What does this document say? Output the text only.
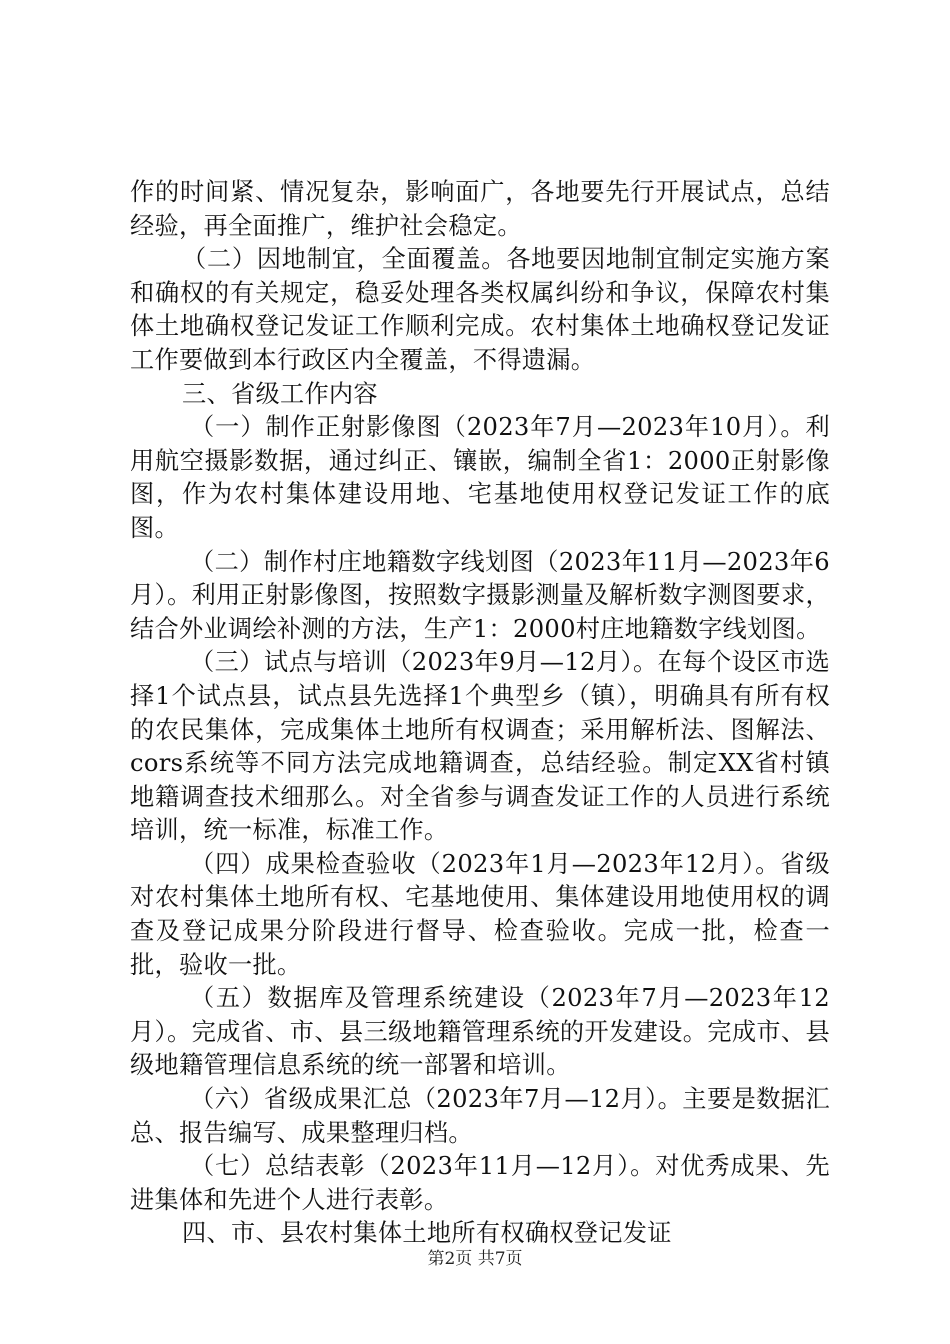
作的时间紧、情况复杂，影响面广，各地要先行开展试点，总结经验，再全面推广，维护社会稳定。

（二）因地制宜，全面覆盖。各地要因地制宜制定实施方案和确权的有关规定，稳妥处理各类权属纠纷和争议，保障农村集体土地确权登记发证工作顺利完成。农村集体土地确权登记发证工作要做到本行政区内全覆盖，不得遗漏。

三、省级工作内容

（一）制作正射影像图（2023年7月—2023年10月）。利用航空摄影数据，通过纠正、镶嵌，编制全省1：2000正射影像图，作为农村集体建设用地、宅基地使用权登记发证工作的底图。

（二）制作村庄地籍数字线划图（2023年11月—2023年6月）。利用正射影像图，按照数字摄影测量及解析数字测图要求，结合外业调绘补测的方法，生产1：2000村庄地籍数字线划图。

（三）试点与培训（2023年9月—12月）。在每个设区市选择1个试点县，试点县先选择1个典型乡（镇），明确具有所有权的农民集体，完成集体土地所有权调查；采用解析法、图解法、cors系统等不同方法完成地籍调查，总结经验。制定XX省村镇地籍调查技术细那么。对全省参与调查发证工作的人员进行系统培训，统一标准，标准工作。

（四）成果检查验收（2023年1月—2023年12月）。省级对农村集体土地所有权、宅基地使用、集体建设用地使用权的调查及登记成果分阶段进行督导、检查验收。完成一批，检查一批，验收一批。

（五）数据库及管理系统建设（2023年7月—2023年12月）。完成省、市、县三级地籍管理系统的开发建设。完成市、县级地籍管理信息系统的统一部署和培训。

（六）省级成果汇总（2023年7月—12月）。主要是数据汇总、报告编写、成果整理归档。

（七）总结表彰（2023年11月—12月）。对优秀成果、先进集体和先进个人进行表彰。

四、市、县农村集体土地所有权确权登记发证

第2页 共7页
